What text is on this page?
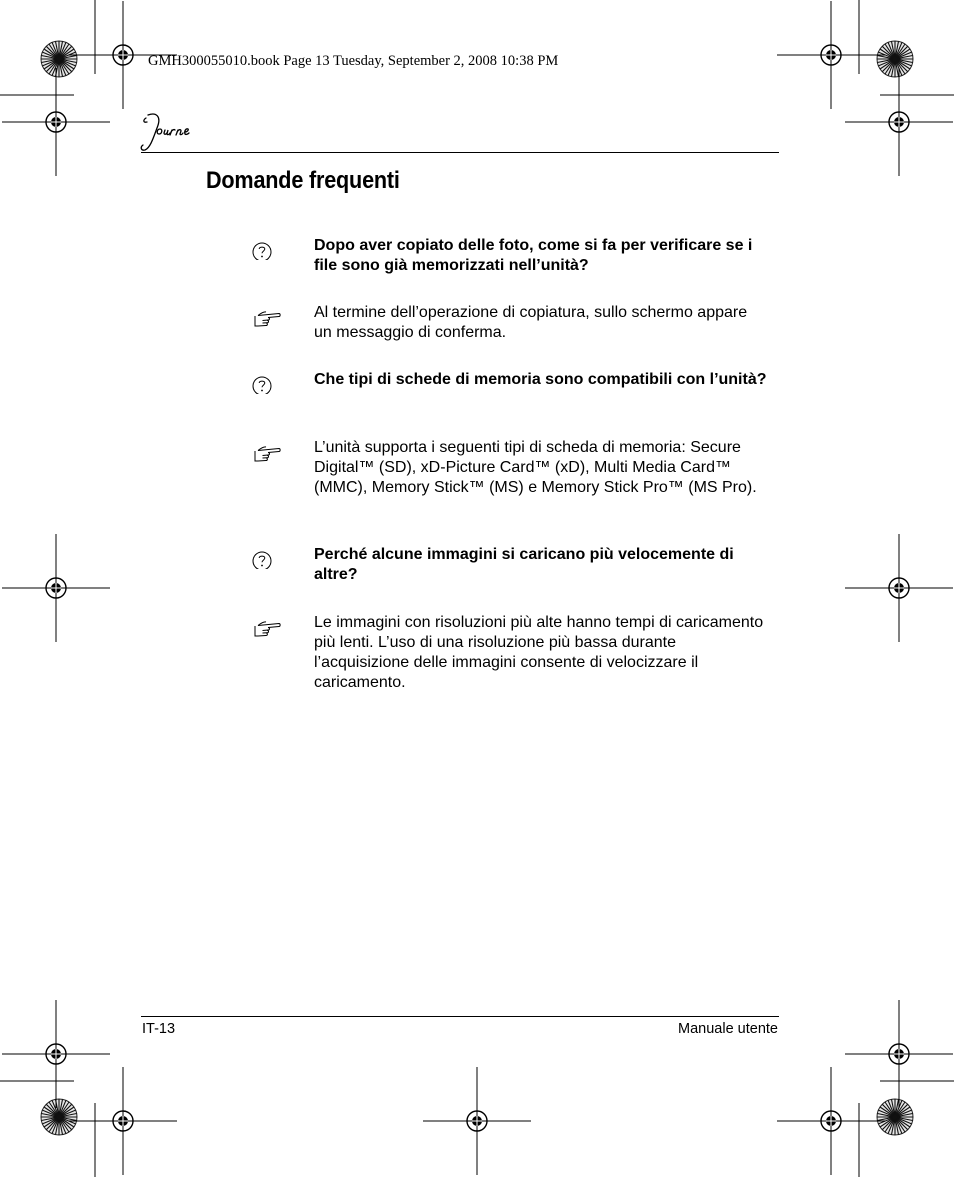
GMH300055010.book Page 13 Tuesday, September 2, 2008 10:38 PM
Domande frequenti
Dopo aver copiato delle foto, come si fa per verificare se i file sono già memorizzati nell’unità?
Al termine dell’operazione di copiatura, sullo schermo appare un messaggio di conferma.
Che tipi di schede di memoria sono compatibili con l’unità?
L’unità supporta i seguenti tipi di scheda di memoria: Secure Digital™ (SD), xD-Picture Card™ (xD), Multi Media Card™ (MMC), Memory Stick™ (MS) e Memory Stick Pro™ (MS Pro).
Perché alcune immagini si caricano più velocemente di altre?
Le immagini con risoluzioni più alte hanno tempi di caricamento più lenti. L’uso di una risoluzione più bassa durante l’acquisizione delle immagini consente di velocizzare il caricamento.
IT-13	Manuale utente
